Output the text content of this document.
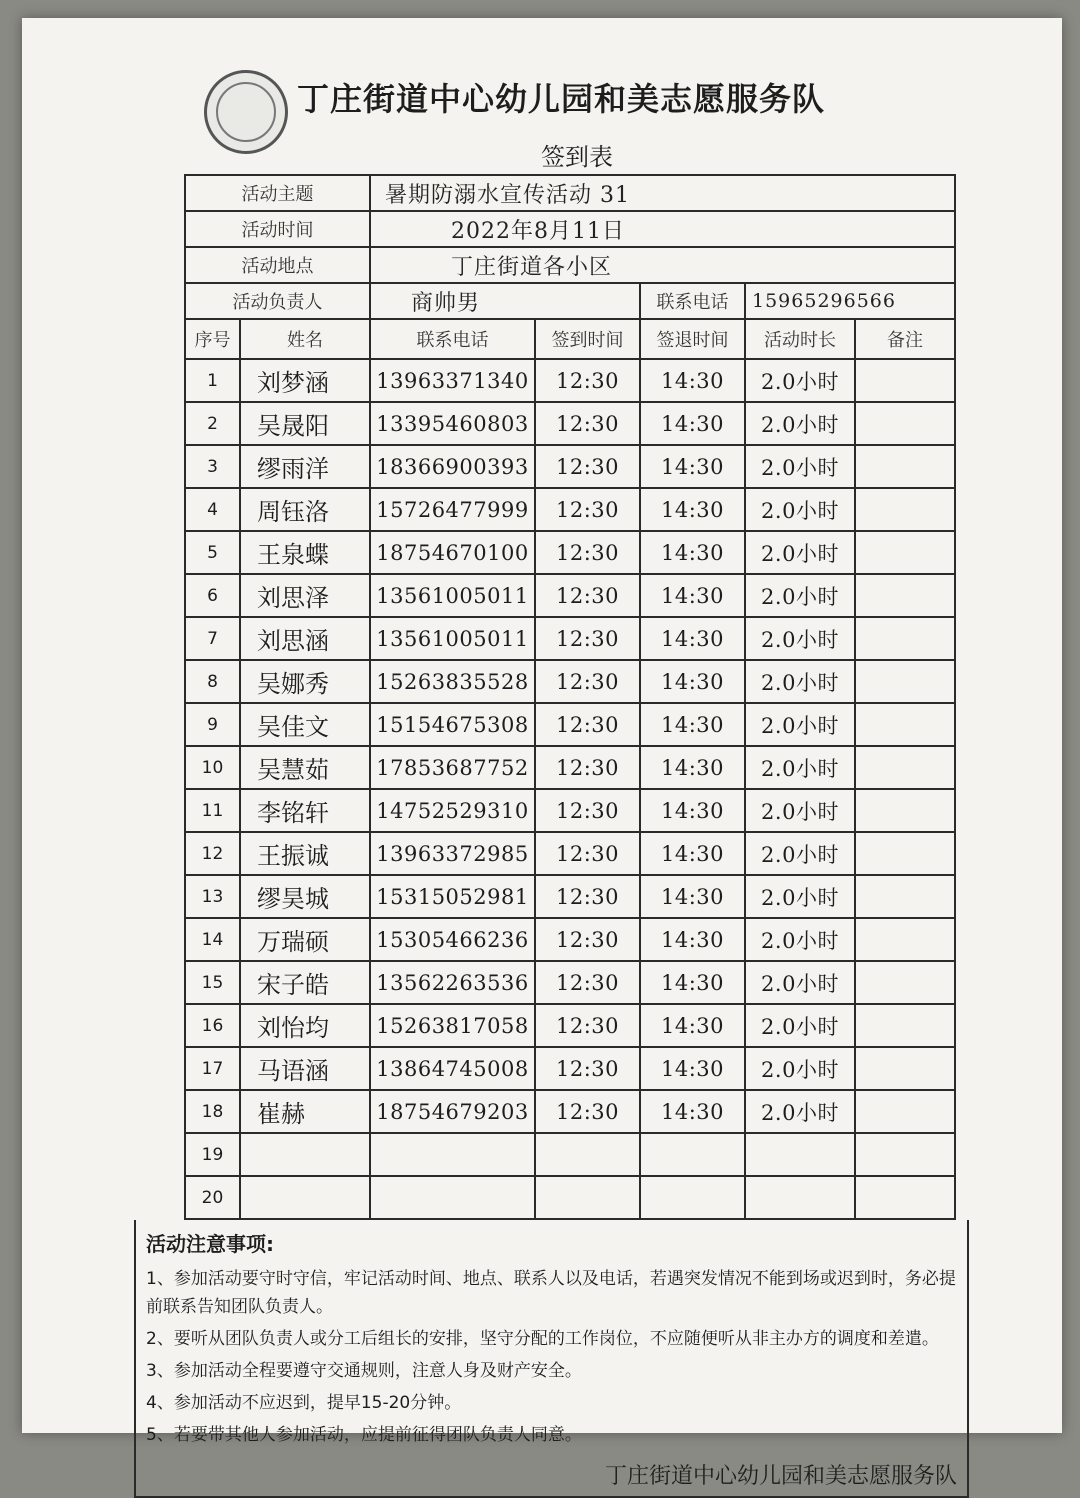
丁庄街道中心幼儿园和美志愿服务队
签到表
活动主题		暑期防溺水宣传活动 31				
活动时间		2022年8月11日				
活动地点		丁庄街道各小区				
活动负责人		商帅男		联系电话	15965296566	
序号	姓名	联系电话	签到时间	签退时间	活动时长	备注
1	刘梦涵	13963371340	12:30	14:30	2.0小时	
2	吴晟阳	13395460803	12:30	14:30	2.0小时	
3	缪雨洋	18366900393	12:30	14:30	2.0小时	
4	周钰洛	15726477999	12:30	14:30	2.0小时	
5	王泉蝶	18754670100	12:30	14:30	2.0小时	
6	刘思泽	13561005011	12:30	14:30	2.0小时	
7	刘思涵	13561005011	12:30	14:30	2.0小时	
8	吴娜秀	15263835528	12:30	14:30	2.0小时	
9	吴佳文	15154675308	12:30	14:30	2.0小时	
10	吴慧茹	17853687752	12:30	14:30	2.0小时	
11	李铭轩	14752529310	12:30	14:30	2.0小时	
12	王振诚	13963372985	12:30	14:30	2.0小时	
13	缪昊城	15315052981	12:30	14:30	2.0小时	
14	万瑞硕	15305466236	12:30	14:30	2.0小时	
15	宋子皓	13562263536	12:30	14:30	2.0小时	
16	刘怡均	15263817058	12:30	14:30	2.0小时	
17	马语涵	13864745008	12:30	14:30	2.0小时	
18	崔赫	18754679203	12:30	14:30	2.0小时	
19						
20						
活动注意事项:
1、参加活动要守时守信，牢记活动时间、地点、联系人以及电话，若遇突发情况不能到场或迟到时，务必提前联系告知团队负责人。
2、要听从团队负责人或分工后组长的安排，坚守分配的工作岗位，不应随便听从非主办方的调度和差遣。
3、参加活动全程要遵守交通规则，注意人身及财产安全。
4、参加活动不应迟到，提早15-20分钟。
5、若要带其他人参加活动，应提前征得团队负责人同意。
丁庄街道中心幼儿园和美志愿服务队
